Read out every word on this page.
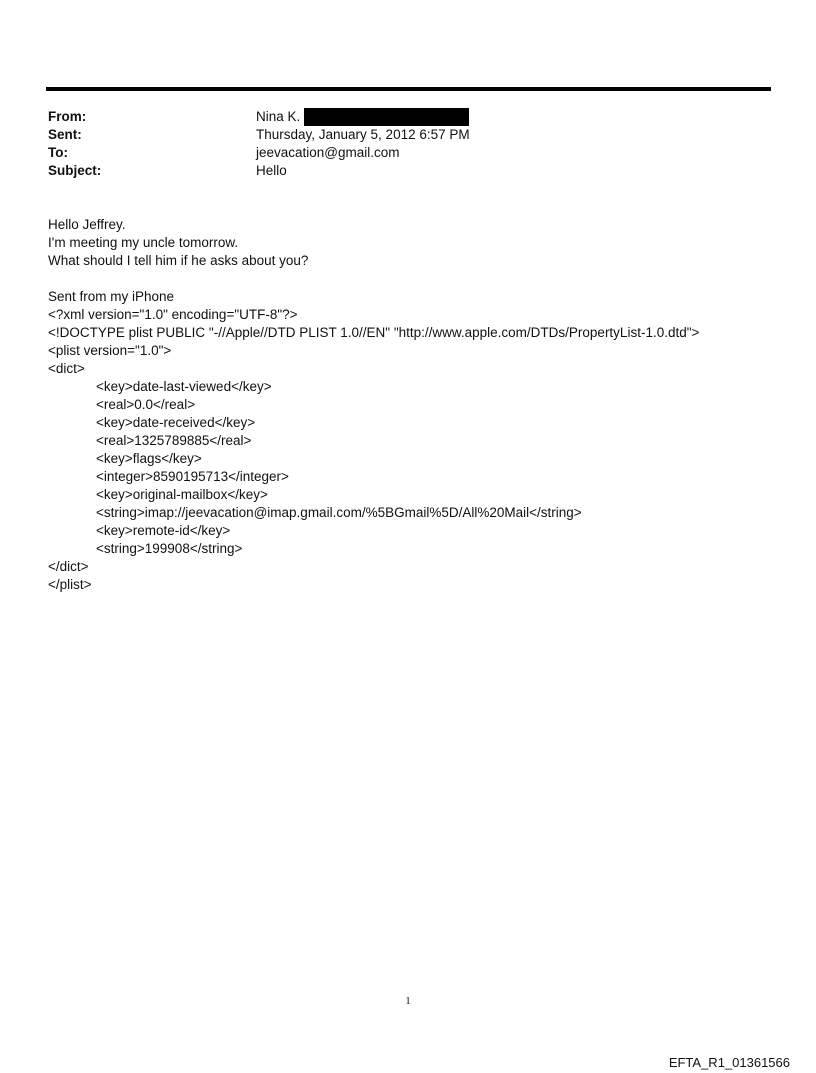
From:	Nina K.
Sent:	Thursday, January 5, 2012 6:57 PM
To:	jeevacation@gmail.com
Subject:	Hello
Hello Jeffrey.
I'm meeting my uncle tomorrow.
What should I tell him if he asks about you?
Sent from my iPhone
<?xml version="1.0" encoding="UTF-8"?>
<!DOCTYPE plist PUBLIC "-//Apple//DTD PLIST 1.0//EN" "http://www.apple.com/DTDs/PropertyList-1.0.dtd">
<plist version="1.0">
<dict>
<key>date-last-viewed</key>
<real>0.0</real>
<key>date-received</key>
<real>1325789885</real>
<key>flags</key>
<integer>8590195713</integer>
<key>original-mailbox</key>
<string>imap://jeevacation@imap.gmail.com/%5BGmail%5D/All%20Mail</string>
<key>remote-id</key>
<string>199908</string>
</dict>
</plist>
1
EFTA_R1_01361566
